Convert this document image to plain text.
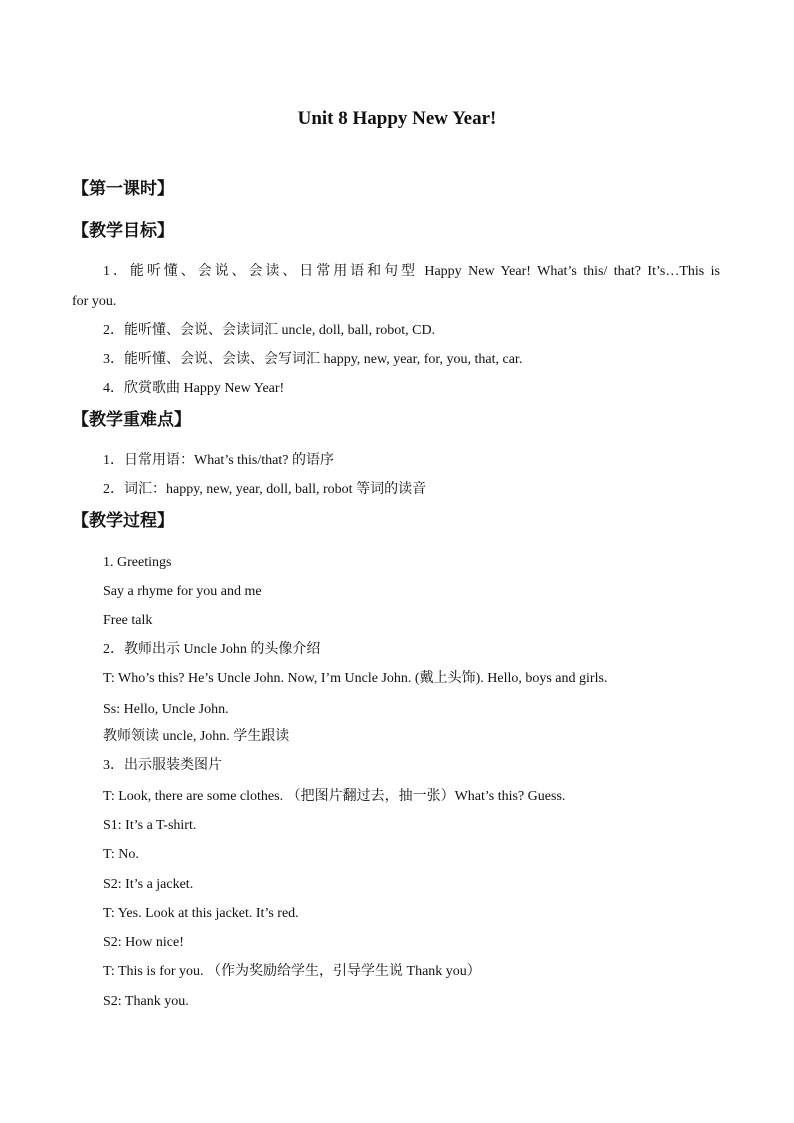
Unit 8 Happy New Year!
【第一课时】
【教学目标】
1．能听懂、会说、会读、日常用语和句型 Happy New Year! What’s this/ that? It’s…This is
for you.
2．能听懂、会说、会读词汇 uncle, doll, ball, robot, CD.
3．能听懂、会说、会读、会写词汇 happy, new, year, for, you, that, car.
4．欣赏歌曲 Happy New Year!
【教学重难点】
1．日常用语：What’s this/that? 的语序
2．词汇：happy, new, year, doll, ball, robot 等词的读音
【教学过程】
1. Greetings
Say a rhyme for you and me
Free talk
2．教师出示 Uncle John 的头像介绍
T: Who’s this? He’s Uncle John. Now, I’m Uncle John. (戴上头饰). Hello, boys and girls.
Ss: Hello, Uncle John.
教师领读 uncle, John. 学生跟读
3．出示服装类图片
T: Look, there are some clothes. （把图片翻过去，抽一张）What’s this? Guess.
S1: It’s a T-shirt.
T: No.
S2: It’s a jacket.
T: Yes. Look at this jacket. It’s red.
S2: How nice!
T: This is for you. （作为奖励给学生，引导学生说 Thank you）
S2: Thank you.
